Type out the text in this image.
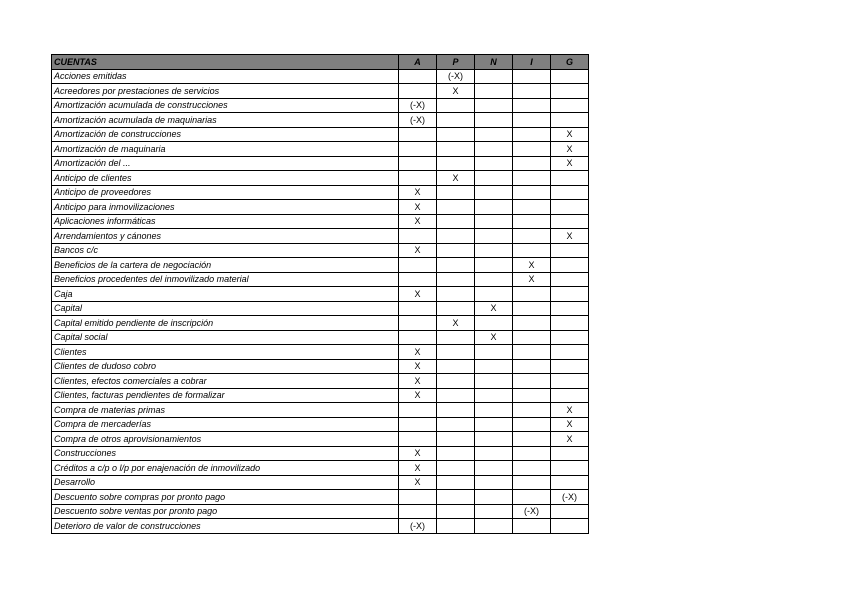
CUENTAS	A	P	N	I	G
Acciones emitidas		(-X)			
Acreedores por prestaciones de servicios		X			
Amortización acumulada de construcciones	(-X)				
Amortización acumulada de maquinarias	(-X)				
Amortización de construcciones					X
Amortización de maquinaria					X
Amortización del ...					X
Anticipo de clientes		X			
Anticipo de proveedores	X				
Anticipo para inmovilizaciones	X				
Aplicaciones informáticas	X				
Arrendamientos y cánones					X
Bancos c/c	X				
Beneficios de la cartera de negociación				X	
Beneficios procedentes del inmovilizado material				X	
Caja	X				
Capital			X		
Capital emitido pendiente de inscripción		X			
Capital social			X		
Clientes	X				
Clientes de dudoso cobro	X				
Clientes, efectos comerciales a cobrar	X				
Clientes, facturas pendientes de formalizar	X				
Compra de materias primas					X
Compra de mercaderías					X
Compra de otros aprovisionamientos					X
Construcciones	X				
Créditos a c/p o l/p por enajenación de inmovilizado	X				
Desarrollo	X				
Descuento sobre compras por pronto pago					(-X)
Descuento sobre ventas por pronto pago				(-X)	
Deterioro de valor de construcciones	(-X)				
